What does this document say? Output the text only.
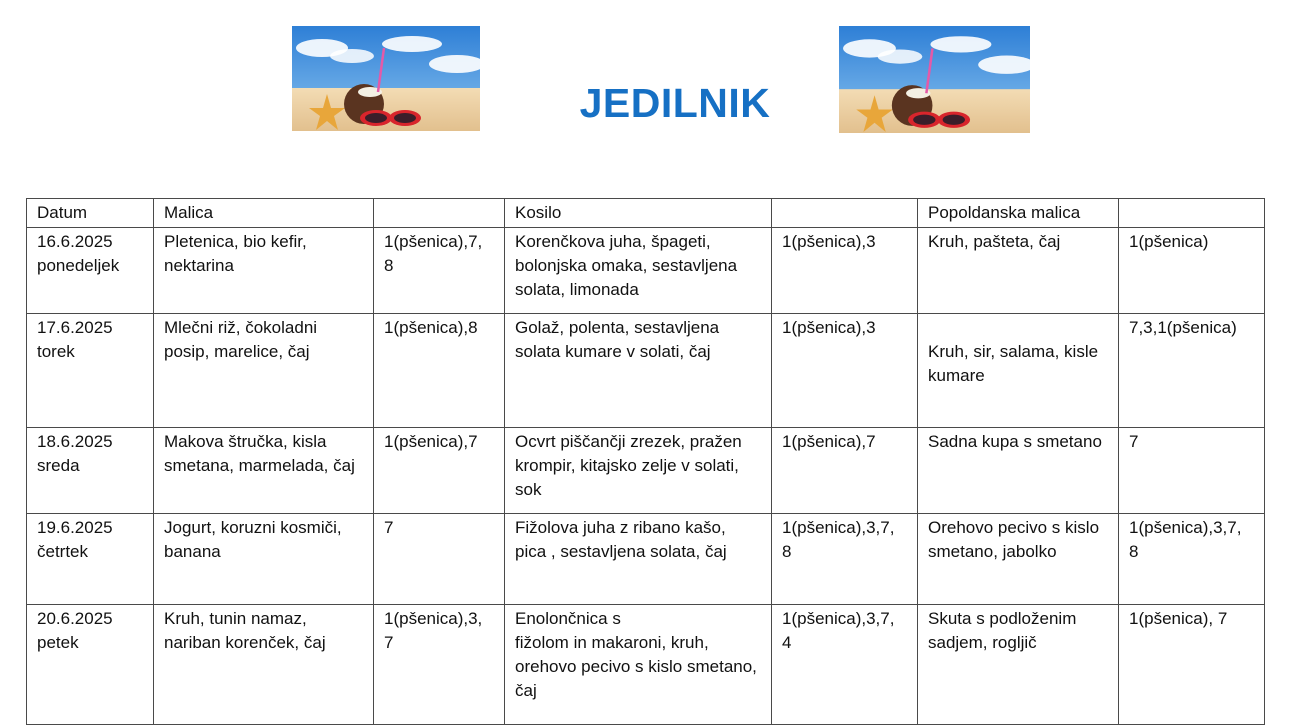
JEDILNIK
Datum	Malica		Kosilo		Popoldanska malica	

16.6.2025
ponedeljek	Pletenica, bio kefir, nektarina	1(pšenica),7, 8	Korenčkova juha, špageti, bolonjska omaka, sestavljena solata, limonada	1(pšenica),3	Kruh, pašteta, čaj	1(pšenica)

17.6.2025
torek	Mlečni riž, čokoladni posip, marelice, čaj	1(pšenica),8	Golaž, polenta, sestavljena solata kumare v solati, čaj	1(pšenica),3	Kruh, sir, salama, kisle kumare	7,3,1(pšenica)

18.6.2025
sreda	Makova štručka, kisla smetana, marmelada, čaj	1(pšenica),7	Ocvrt piščančji zrezek, pražen krompir, kitajsko zelje v solati, sok	1(pšenica),7	Sadna kupa s smetano	7

19.6.2025
četrtek	Jogurt, koruzni kosmiči, banana	7	Fižolova juha z ribano kašo, pica , sestavljena solata, čaj	1(pšenica),3,7, 8	Orehovo pecivo s kislo smetano, jabolko	1(pšenica),3,7, 8

20.6.2025
petek	Kruh, tunin namaz, nariban korenček, čaj	1(pšenica),3, 7	Enolončnica s
fižolom in makaroni, kruh, orehovo pecivo s kislo smetano, čaj	1(pšenica),3,7, 4	Skuta s podloženim sadjem, rogljič	1(pšenica), 7
